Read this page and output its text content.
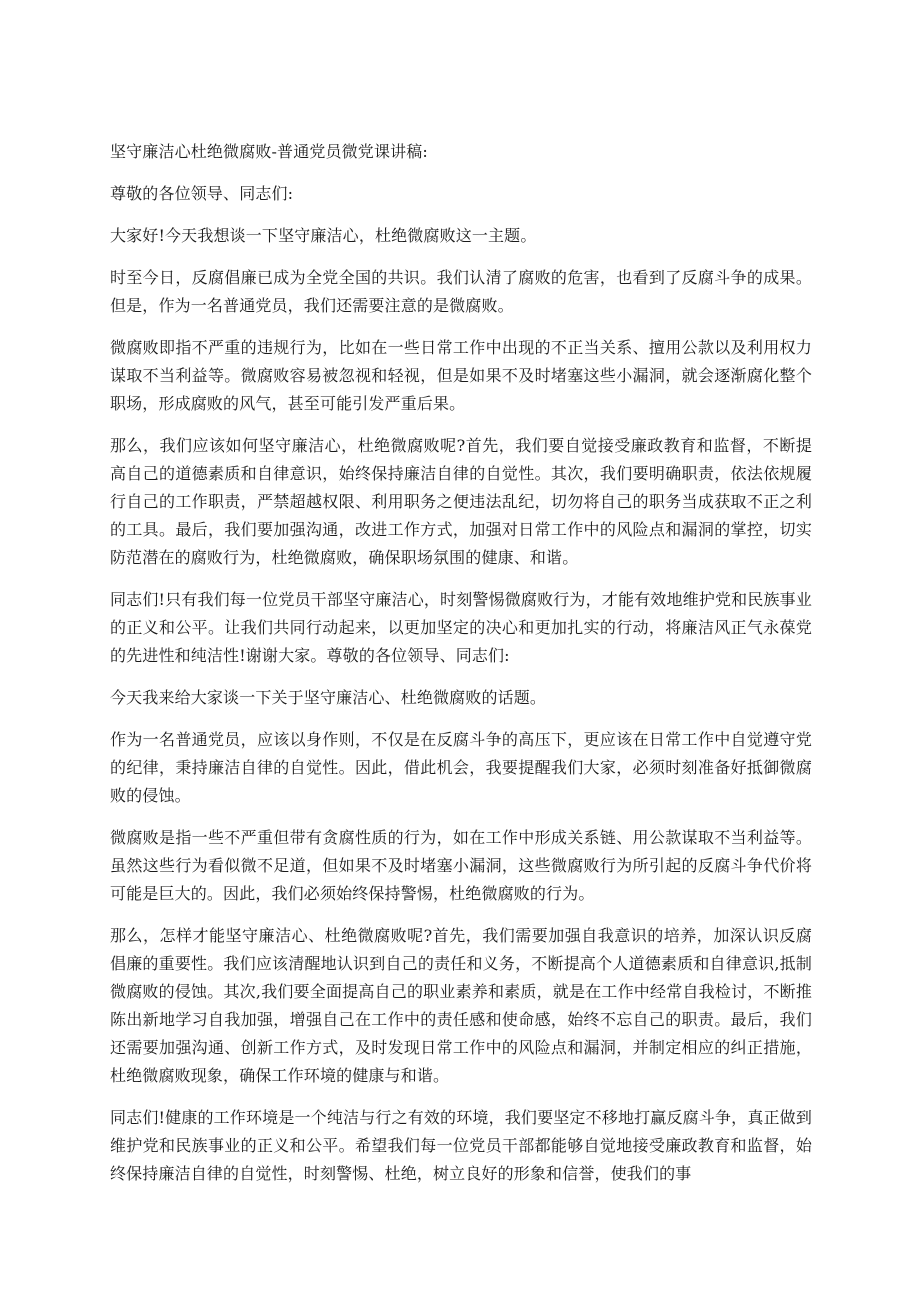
坚守廉洁心杜绝微腐败-普通党员微党课讲稿:

尊敬的各位领导、同志们:

大家好!今天我想谈一下坚守廉洁心，杜绝微腐败这一主题。

时至今日，反腐倡廉已成为全党全国的共识。我们认清了腐败的危害，也看到了反腐斗争的成果。但是，作为一名普通党员，我们还需要注意的是微腐败。

微腐败即指不严重的违规行为，比如在一些日常工作中出现的不正当关系、擅用公款以及利用权力谋取不当利益等。微腐败容易被忽视和轻视，但是如果不及时堵塞这些小漏洞，就会逐渐腐化整个职场，形成腐败的风气，甚至可能引发严重后果。

那么，我们应该如何坚守廉洁心，杜绝微腐败呢?首先，我们要自觉接受廉政教育和监督，不断提高自己的道德素质和自律意识，始终保持廉洁自律的自觉性。其次，我们要明确职责，依法依规履行自己的工作职责，严禁超越权限、利用职务之便违法乱纪，切勿将自己的职务当成获取不正之利的工具。最后，我们要加强沟通，改进工作方式，加强对日常工作中的风险点和漏洞的掌控，切实防范潜在的腐败行为，杜绝微腐败，确保职场氛围的健康、和谐。

同志们!只有我们每一位党员干部坚守廉洁心，时刻警惕微腐败行为，才能有效地维护党和民族事业的正义和公平。让我们共同行动起来，以更加坚定的决心和更加扎实的行动，将廉洁风正气永葆党的先进性和纯洁性!谢谢大家。尊敬的各位领导、同志们:

今天我来给大家谈一下关于坚守廉洁心、杜绝微腐败的话题。

作为一名普通党员，应该以身作则，不仅是在反腐斗争的高压下，更应该在日常工作中自觉遵守党的纪律，秉持廉洁自律的自觉性。因此，借此机会，我要提醒我们大家，必须时刻准备好抵御微腐败的侵蚀。

微腐败是指一些不严重但带有贪腐性质的行为，如在工作中形成关系链、用公款谋取不当利益等。虽然这些行为看似微不足道，但如果不及时堵塞小漏洞，这些微腐败行为所引起的反腐斗争代价将可能是巨大的。因此，我们必须始终保持警惕，杜绝微腐败的行为。

那么，怎样才能坚守廉洁心、杜绝微腐败呢?首先，我们需要加强自我意识的培养，加深认识反腐倡廉的重要性。我们应该清醒地认识到自己的责任和义务，不断提高个人道德素质和自律意识,抵制微腐败的侵蚀。其次,我们要全面提高自己的职业素养和素质，就是在工作中经常自我检讨，不断推陈出新地学习自我加强，增强自己在工作中的责任感和使命感，始终不忘自己的职责。最后，我们还需要加强沟通、创新工作方式，及时发现日常工作中的风险点和漏洞，并制定相应的纠正措施，杜绝微腐败现象，确保工作环境的健康与和谐。

同志们!健康的工作环境是一个纯洁与行之有效的环境，我们要坚定不移地打赢反腐斗争，真正做到维护党和民族事业的正义和公平。希望我们每一位党员干部都能够自觉地接受廉政教育和监督，始终保持廉洁自律的自觉性，时刻警惕、杜绝，树立良好的形象和信誉，使我们的事
